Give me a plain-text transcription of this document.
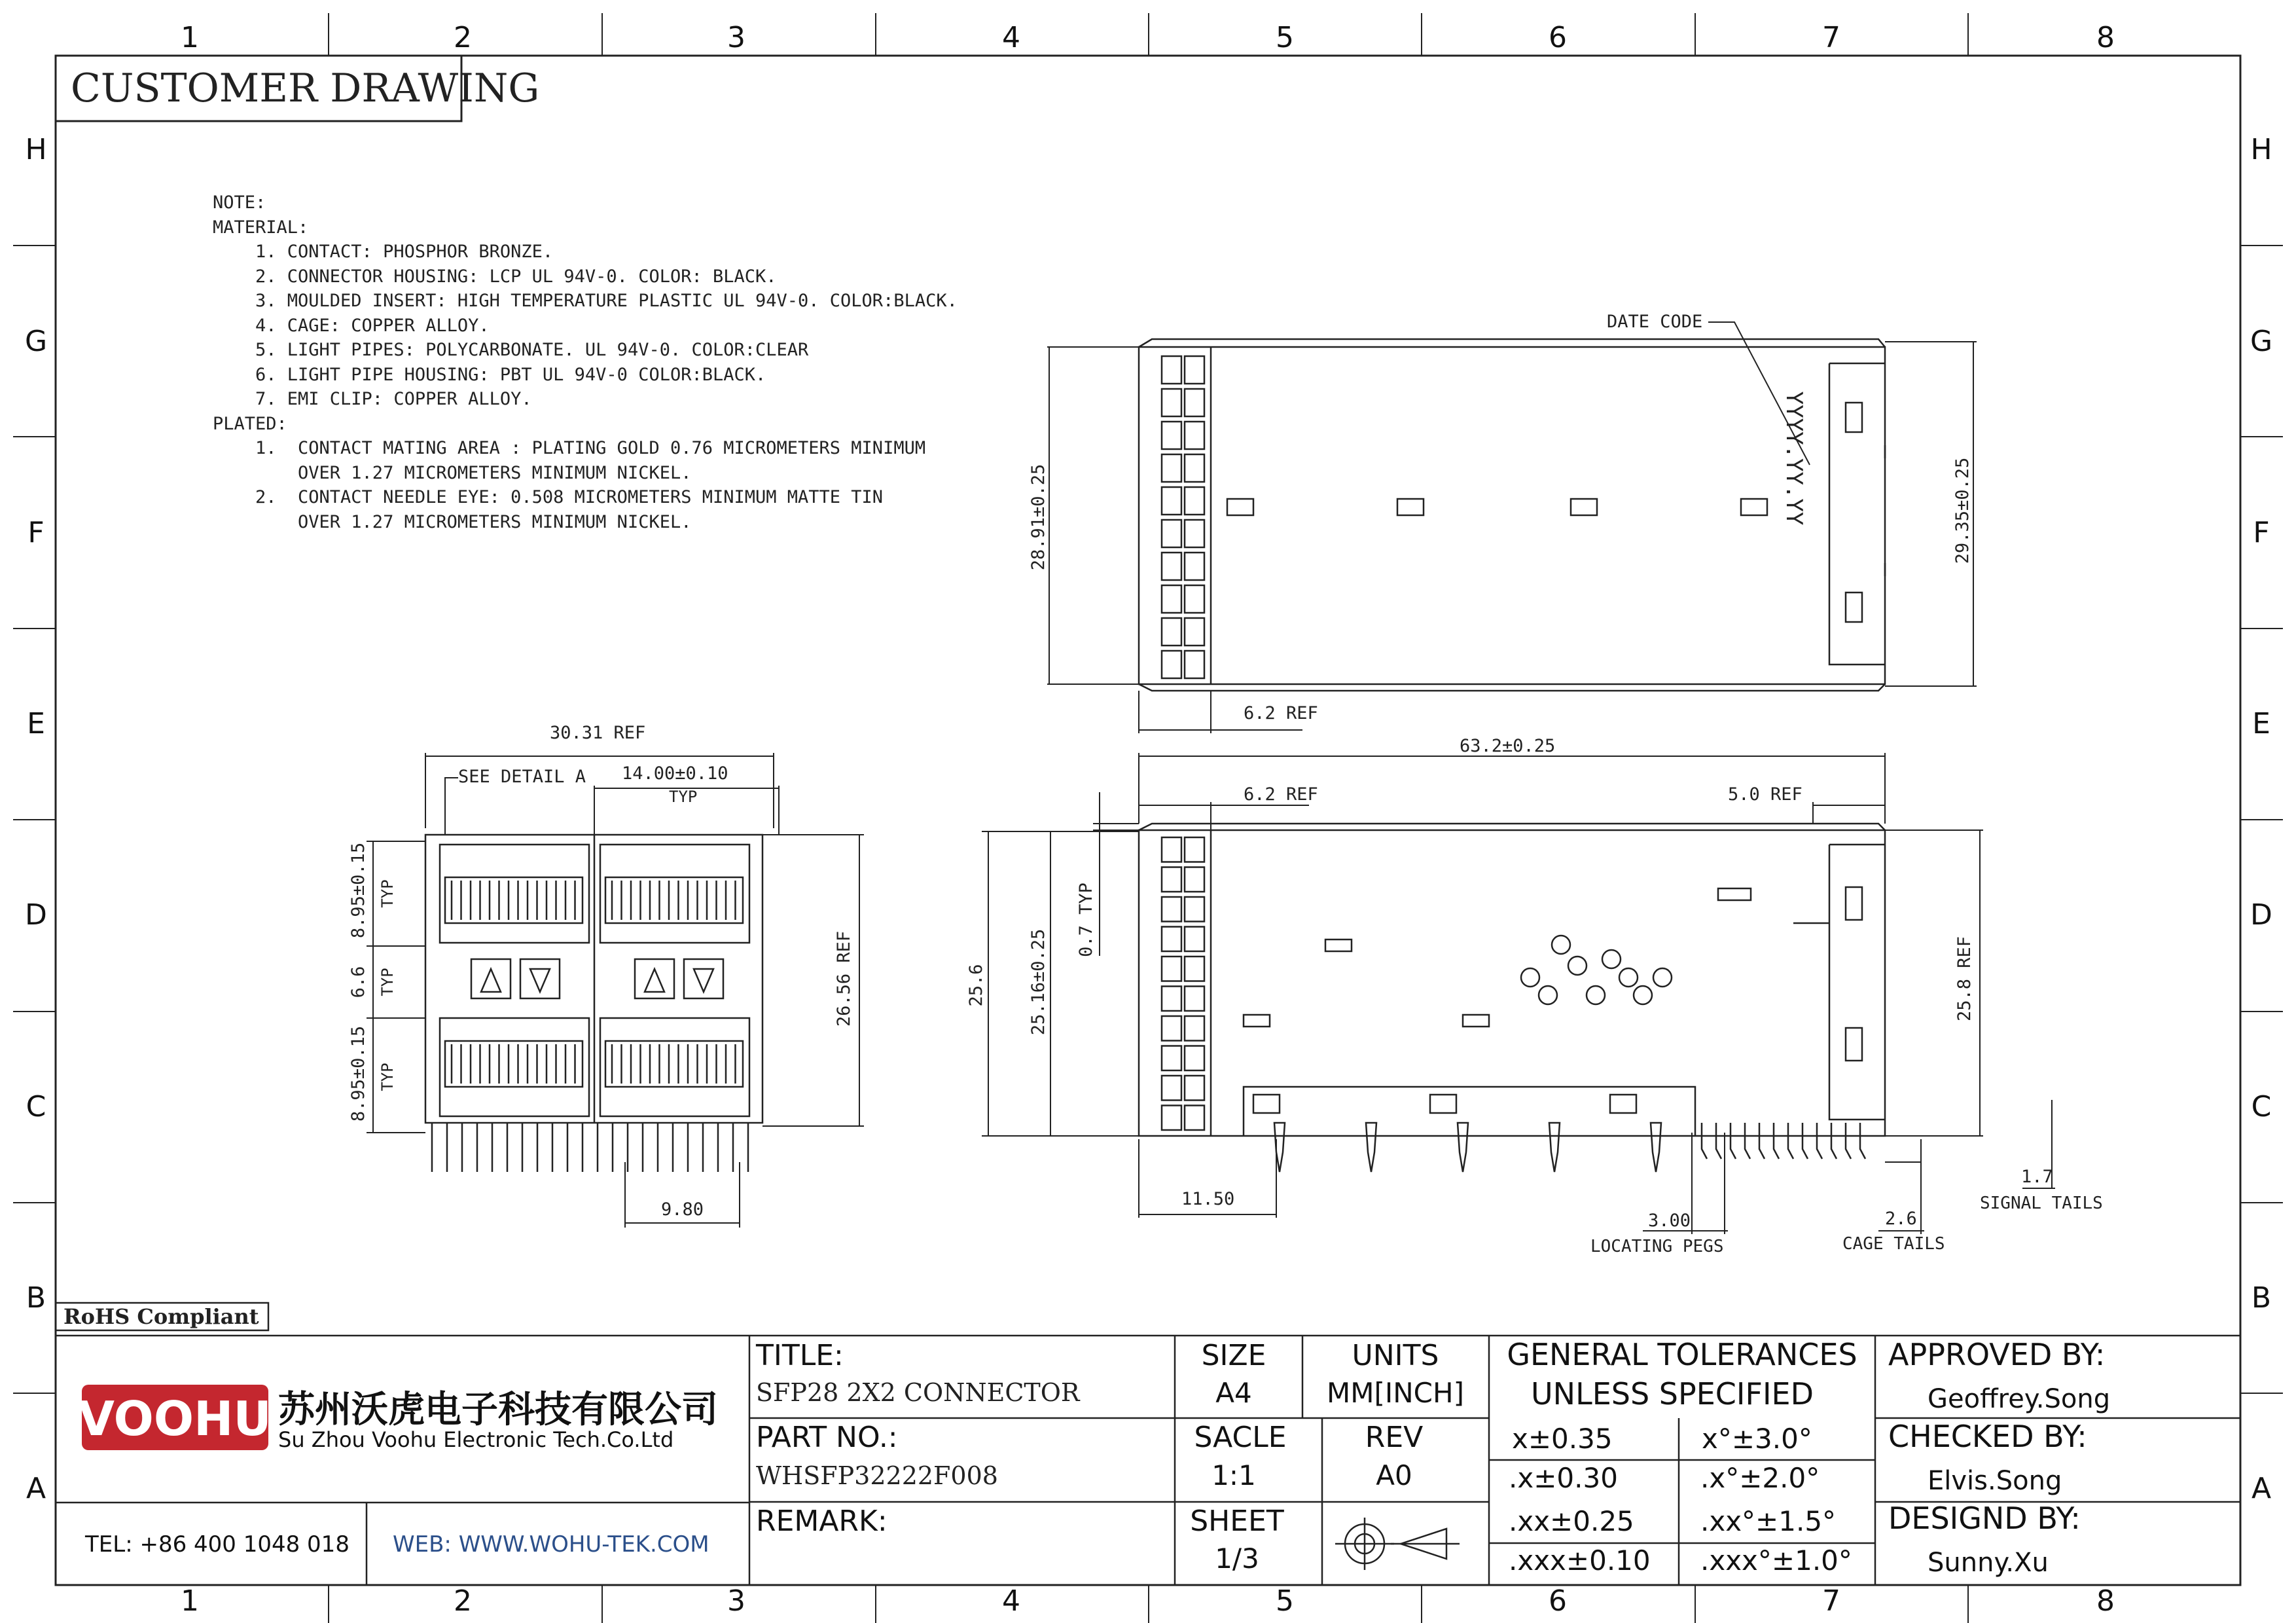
1	2	3	4	5	6	7	8
1	2	3	4	5	6	7	8
H
G
F
E
D
C
B
A
H
G
F
E
D
C
B
A
CUSTOMER DRAWING
NOTE:
MATERIAL:
1. CONTACT: PHOSPHOR BRONZE.
2. CONNECTOR HOUSING: LCP UL 94V-0. COLOR: BLACK.
3. MOULDED INSERT: HIGH TEMPERATURE PLASTIC UL 94V-0. COLOR:BLACK.
4. CAGE: COPPER ALLOY.
5. LIGHT PIPES: POLYCARBONATE. UL 94V-0. COLOR:CLEAR
6. LIGHT PIPE HOUSING: PBT UL 94V-0 COLOR:BLACK.
7. EMI CLIP: COPPER ALLOY.
PLATED:
1.  CONTACT MATING AREA : PLATING GOLD 0.76 MICROMETERS MINIMUM
OVER 1.27 MICROMETERS MINIMUM NICKEL.
2.  CONTACT NEEDLE EYE: 0.508 MICROMETERS MINIMUM MATTE TIN
OVER 1.27 MICROMETERS MINIMUM NICKEL.	28.91±0.25	29.35±0.25
6.2 REF
DATE CODE
YYYY.YY.YY
30.31 REF
SEE DETAIL A 14.00±0.10
TYP
8.95±0.15 TYP
6.6 TYP
8.95±0.15 TYP
26.56 REF
9.80
63.2±0.25
6.2 REF	5.0 REF
0.7 TYP
25.6 25.16±0.25	25.8 REF
11.50
3.00
LOCATING PEGS
2.6
CAGE TAILS
1.7
SIGNAL TAILS
RoHS Compliant
VOOHU 苏州沃虎电子科技有限公司
Su Zhou Voohu Electronic Tech.Co.Ltd
TEL: +86 400 1048 018 WEB: WWW.WOHU-TEK.COM
TITLE:
SFP28 2X2 CONNECTOR
PART NO.:
WHSFP32222F008
REMARK:
SIZE
A4
UNITS
MM[INCH]
SACLE
1:1
REV
A0
SHEET
1/3
GENERAL TOLERANCES
UNLESS SPECIFIED
x±0.35	x°±3.0°
.x±0.30	.x°±2.0°
.xx±0.25 .xx°±1.5°
.xxx±0.10 .xxx°±1.0°
APPROVED BY:
Geoffrey.Song
CHECKED BY:
Elvis.Song
DESIGND BY:
Sunny.Xu
